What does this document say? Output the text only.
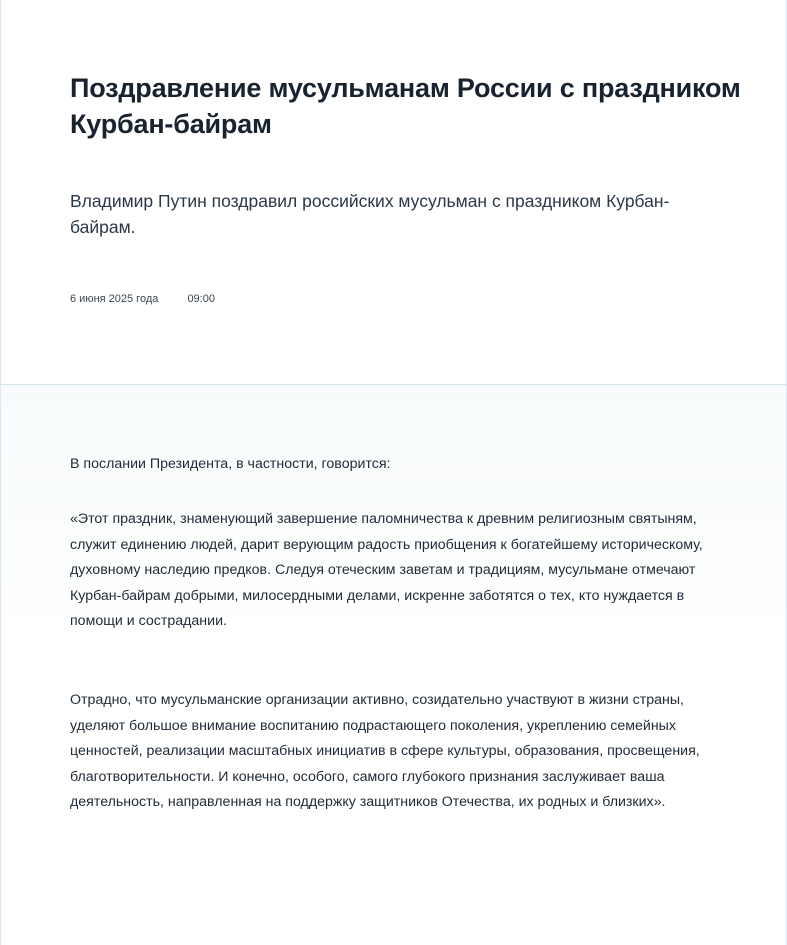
Поздравление мусульманам России с праздником Курбан-байрам

Владимир Путин поздравил российских мусульман с праздником Курбан-байрам.

6 июня 2025 года	09:00

В послании Президента, в частности, говорится:

«Этот праздник, знаменующий завершение паломничества к древним религиозным святыням, служит единению людей, дарит верующим радость приобщения к богатейшему историческому, духовному наследию предков. Следуя отеческим заветам и традициям, мусульмане отмечают Курбан-байрам добрыми, милосердными делами, искренне заботятся о тех, кто нуждается в помощи и сострадании.

Отрадно, что мусульманские организации активно, созидательно участвуют в жизни страны, уделяют большое внимание воспитанию подрастающего поколения, укреплению семейных ценностей, реализации масштабных инициатив в сфере культуры, образования, просвещения, благотворительности. И конечно, особого, самого глубокого признания заслуживает ваша деятельность, направленная на поддержку защитников Отечества, их родных и близких».
